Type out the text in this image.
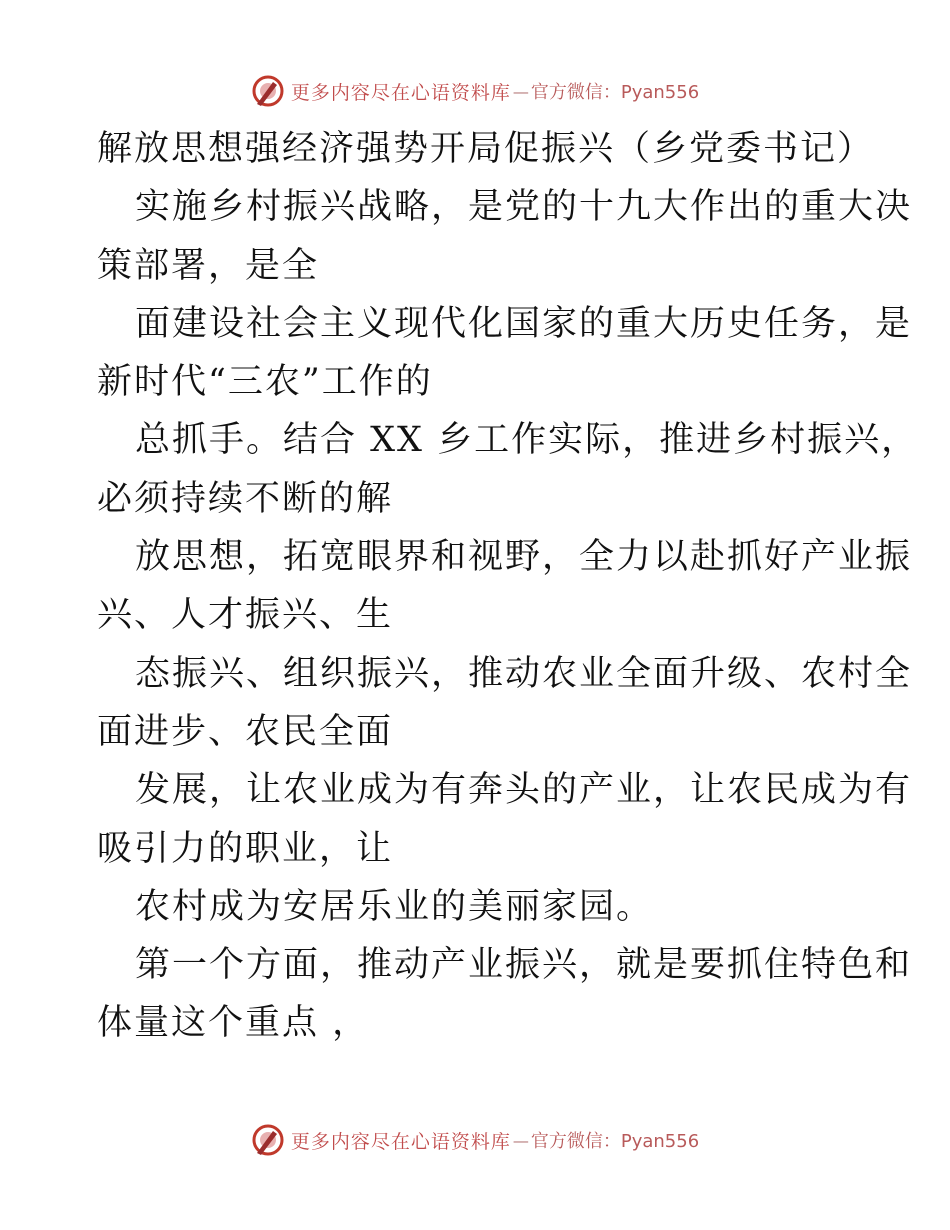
更多内容尽在心语资料库 — 官方微信：Pyan556
解放思想强经济强势开局促振兴（乡党委书记）
实施乡村振兴战略，是党的十九大作出的重大决
策部署，是全
面建设社会主义现代化国家的重大历史任务，是
新时代“三农”工作的
总抓手。结合 XX 乡工作实际，推进乡村振兴，
必须持续不断的解
放思想，拓宽眼界和视野，全力以赴抓好产业振
兴、人才振兴、生
态振兴、组织振兴，推动农业全面升级、农村全
面进步、农民全面
发展，让农业成为有奔头的产业，让农民成为有
吸引力的职业，让
农村成为安居乐业的美丽家园。
第一个方面，推动产业振兴，就是要抓住特色和
体量这个重点 ，
更多内容尽在心语资料库 — 官方微信：Pyan556
